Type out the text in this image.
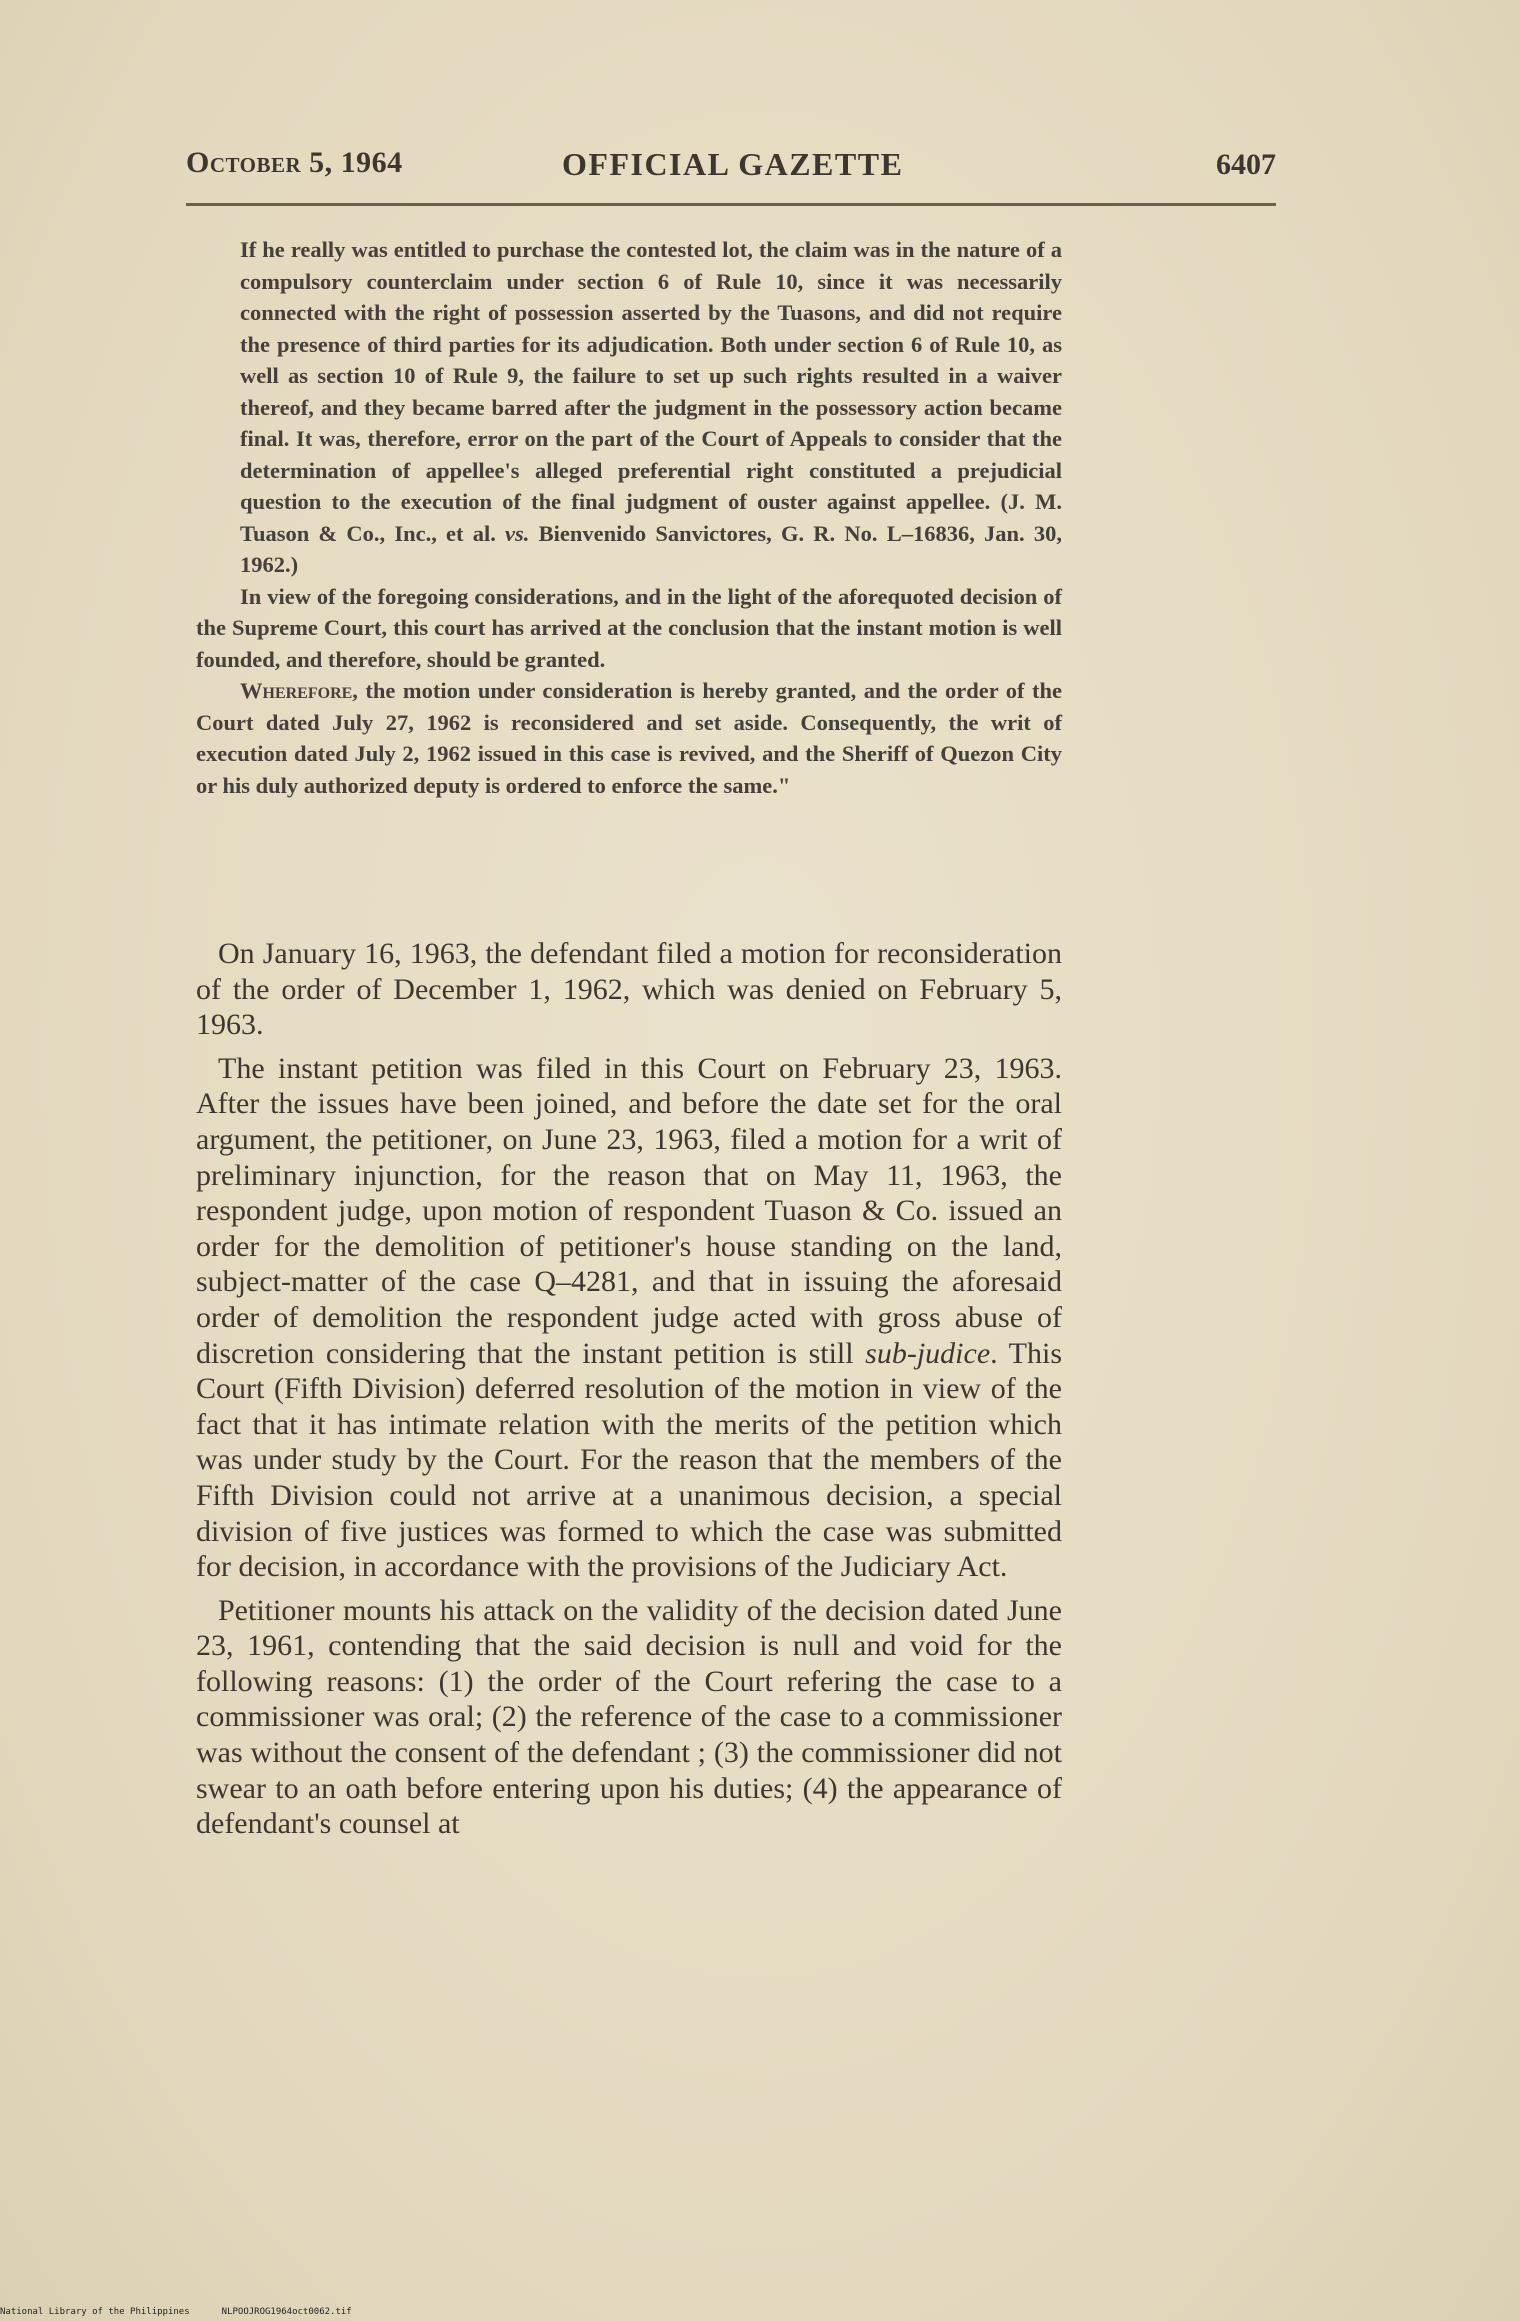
October 5, 1964	OFFICIAL GAZETTE	6407

If he really was entitled to purchase the contested lot, the claim was in the nature of a compulsory counterclaim under section 6 of Rule 10, since it was necessarily connected with the right of possession asserted by the Tuasons, and did not require the presence of third parties for its adjudication. Both under section 6 of Rule 10, as well as section 10 of Rule 9, the failure to set up such rights resulted in a waiver thereof, and they became barred after the judgment in the possessory action became final. It was, therefore, error on the part of the Court of Appeals to consider that the determination of appellee's alleged preferential right constituted a prejudicial question to the execution of the final judgment of ouster against appellee. (J. M. Tuason & Co., Inc., et al. vs. Bienvenido Sanvictores, G. R. No. L–16836, Jan. 30, 1962.)

In view of the foregoing considerations, and in the light of the aforequoted decision of the Supreme Court, this court has arrived at the conclusion that the instant motion is well founded, and therefore, should be granted.

Wherefore, the motion under consideration is hereby granted, and the order of the Court dated July 27, 1962 is reconsidered and set aside. Consequently, the writ of execution dated July 2, 1962 issued in this case is revived, and the Sheriff of Quezon City or his duly authorized deputy is ordered to enforce the same."

On January 16, 1963, the defendant filed a motion for reconsideration of the order of December 1, 1962, which was denied on February 5, 1963.

The instant petition was filed in this Court on February 23, 1963. After the issues have been joined, and before the date set for the oral argument, the petitioner, on June 23, 1963, filed a motion for a writ of preliminary injunction, for the reason that on May 11, 1963, the respondent judge, upon motion of respondent Tuason & Co. issued an order for the demolition of petitioner's house standing on the land, subject-matter of the case Q–4281, and that in issuing the aforesaid order of demolition the respondent judge acted with gross abuse of discretion considering that the instant petition is still sub-judice. This Court (Fifth Division) deferred resolution of the motion in view of the fact that it has intimate relation with the merits of the petition which was under study by the Court. For the reason that the members of the Fifth Division could not arrive at a unanimous decision, a special division of five justices was formed to which the case was submitted for decision, in accordance with the provisions of the Judiciary Act.

Petitioner mounts his attack on the validity of the decision dated June 23, 1961, contending that the said decision is null and void for the following reasons: (1) the order of the Court refering the case to a commissioner was oral; (2) the reference of the case to a commissioner was without the consent of the defendant ; (3) the commissioner did not swear to an oath before entering upon his duties; (4) the appearance of defendant's counsel at

National Library of the Philippines	NLPOOJROG1964oct0062.tif
